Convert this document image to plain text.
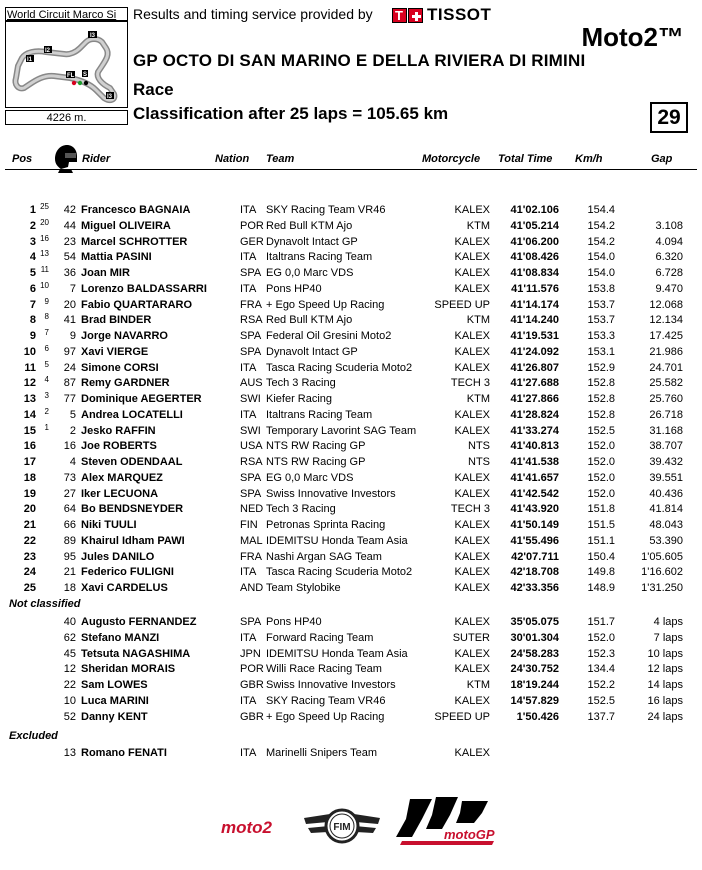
World Circuit Marco Si	Results and timing service provided by
T	TISSOT
I1
I2
I3
FL S
I3
4226 m.
Moto2™
GP OCTO DI SAN MARINO E DELLA RIVIERA DI RIMINI
Race
Classification after 25 laps = 105.65 km	29
Pos	Rider	Nation Team	Motorcycle Total Time Km/h	Gap
1 25	42 Francesco BAGNAIA	ITA SKY Racing Team VR46	KALEX	41'02.106	154.4
2 20	44 Miguel OLIVEIRA	POR Red Bull KTM Ajo	KTM	41'05.214	154.2	3.108
3 16	23 Marcel SCHROTTER	GER Dynavolt Intact GP	KALEX	41'06.200	154.2	4.094
4 13	54 Mattia PASINI	ITA Italtrans Racing Team	KALEX	41'08.426	154.0	6.320
5 11	36 Joan MIR	SPA EG 0,0 Marc VDS	KALEX	41'08.834	154.0	6.728
6 10	7 Lorenzo BALDASSARRI	ITA Pons HP40	KALEX	41'11.576	153.8	9.470
7	9	20 Fabio QUARTARARO	FRA + Ego Speed Up Racing	SPEED UP	41'14.174	153.7	12.068
8	8	41 Brad BINDER	RSA Red Bull KTM Ajo	KTM	41'14.240	153.7	12.134
9	7	9 Jorge NAVARRO	SPA Federal Oil Gresini Moto2	KALEX	41'19.531	153.3	17.425
10	6	97 Xavi VIERGE	SPA Dynavolt Intact GP	KALEX	41'24.092	153.1	21.986
11	5	24 Simone CORSI	ITA Tasca Racing Scuderia Moto2	KALEX	41'26.807	152.9	24.701
12	4	87 Remy GARDNER	AUS Tech 3 Racing	TECH 3	41'27.688	152.8	25.582
13	3	77 Dominique AEGERTER	SWI Kiefer Racing	KTM	41'27.866	152.8	25.760
14	2	5 Andrea LOCATELLI	ITA Italtrans Racing Team	KALEX	41'28.824	152.8	26.718
15	1	2 Jesko RAFFIN	SWI Temporary Lavorint SAG Team	KALEX	41'33.274	152.5	31.168
16	16 Joe ROBERTS	USA NTS RW Racing GP	NTS	41'40.813	152.0	38.707
17	4 Steven ODENDAAL	RSA NTS RW Racing GP	NTS	41'41.538	152.0	39.432
18	73 Alex MARQUEZ	SPA EG 0,0 Marc VDS	KALEX	41'41.657	152.0	39.551
19	27 Iker LECUONA	SPA Swiss Innovative Investors	KALEX	41'42.542	152.0	40.436
20	64 Bo BENDSNEYDER	NED Tech 3 Racing	TECH 3	41'43.920	151.8	41.814
21	66 Niki TUULI	FIN Petronas Sprinta Racing	KALEX	41'50.149	151.5	48.043
22	89 Khairul Idham PAWI	MAL IDEMITSU Honda Team Asia	KALEX	41'55.496	151.1	53.390
23	95 Jules DANILO	FRA Nashi Argan SAG Team	KALEX	42'07.711	150.4	1'05.605
24	21 Federico FULIGNI	ITA Tasca Racing Scuderia Moto2	KALEX	42'18.708	149.8	1'16.602
25	18 Xavi CARDELUS	AND Team Stylobike	KALEX	42'33.356	148.9	1'31.250
40 Augusto FERNANDEZ	SPA Pons HP40	KALEX	35'05.075	151.7	4 laps
62 Stefano MANZI	ITA Forward Racing Team	SUTER	30'01.304	152.0	7 laps
45 Tetsuta NAGASHIMA	JPN IDEMITSU Honda Team Asia	KALEX	24'58.283	152.3	10 laps
12 Sheridan MORAIS	POR Willi Race Racing Team	KALEX	24'30.752	134.4	12 laps
22 Sam LOWES	GBR Swiss Innovative Investors	KTM	18'19.244	152.2	14 laps
10 Luca MARINI	ITA SKY Racing Team VR46	KALEX	14'57.829	152.5	16 laps
52 Danny KENT	GBR + Ego Speed Up Racing	SPEED UP	1'50.426	137.7	24 laps
13 Romano FENATI	ITA Marinelli Snipers Team	KALEX
Not classified
Excluded
moto2	FIM	motoGP
